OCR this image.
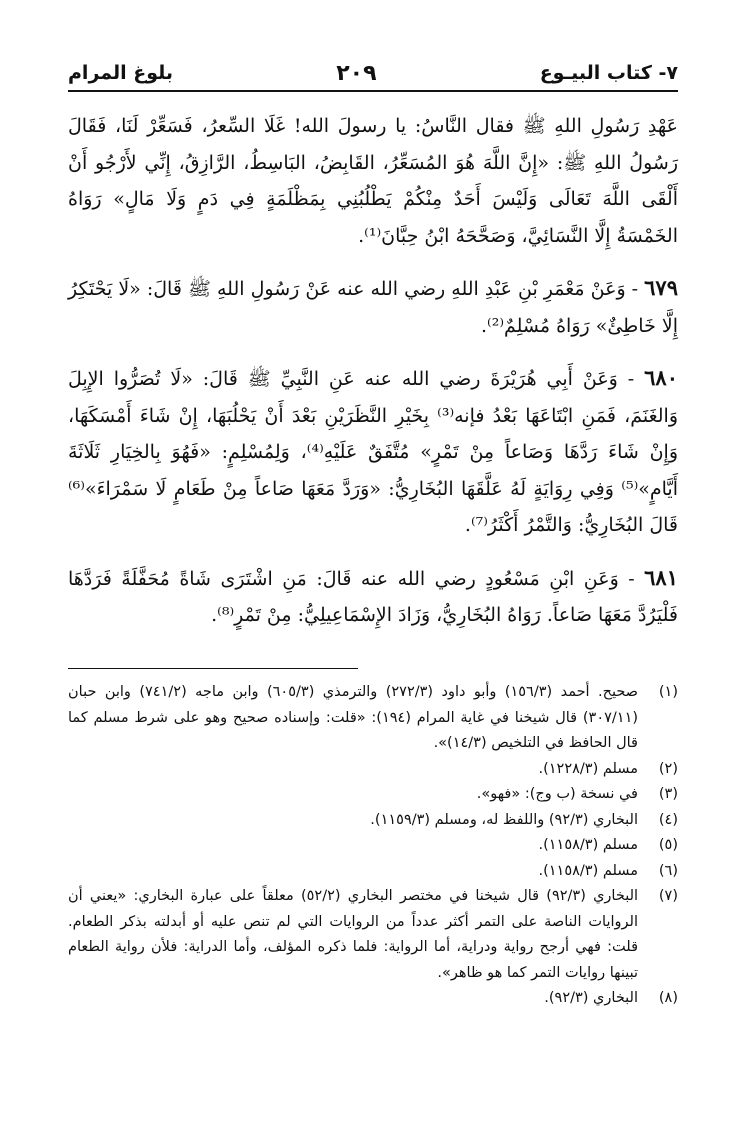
٧- كتاب البيـوع
٢٠٩
بلوغ المرام

عَهْدِ رَسُولِ اللهِ ﷺ فقال النَّاسُ: يا رسولَ الله! غَلَا السِّعرُ، فَسَعِّرْ لَنَا، فَقَالَ رَسُولُ اللهِ ﷺ: «إِنَّ اللَّهَ هُوَ المُسَعِّرُ، القَابِضُ، البَاسِطُ، الرَّازِقُ، إِنِّي لأَرْجُو أَنْ أَلْقَى اللَّهَ تَعَالَى وَلَيْسَ أَحَدٌ مِنْكُمْ يَطْلُبُنِي بِمَظْلَمَةٍ فِي دَمٍ وَلَا مَالٍ» رَوَاهُ الخَمْسَةُ إِلَّا النَّسَائِيَّ، وَصَحَّحَهُ ابْنُ حِبَّانَ⁽¹⁾.

٦٧٩ - وَعَنْ مَعْمَرِ بْنِ عَبْدِ اللهِ رضي الله عنه عَنْ رَسُولِ اللهِ ﷺ قَالَ: «لَا يَحْتَكِرُ إِلَّا خَاطِئٌ» رَوَاهُ مُسْلِمٌ⁽²⁾.

٦٨٠ - وَعَنْ أَبِي هُرَيْرَةَ رضي الله عنه عَنِ النَّبِيِّ ﷺ قَالَ: «لَا تُصَرُّوا الإِبِلَ وَالغَنَمَ، فَمَنِ ابْتَاعَهَا بَعْدُ فإنه⁽³⁾ بِخَيْرِ النَّظَرَيْنِ بَعْدَ أَنْ يَحْلُبَهَا، إِنْ شَاءَ أَمْسَكَهَا، وَإِنْ شَاءَ رَدَّهَا وَصَاعاً مِنْ تَمْرٍ» مُتَّفَقٌ عَلَيْهِ⁽⁴⁾، وَلِمُسْلِمٍ: «فَهُوَ بِالخِيَارِ ثَلَاثَةَ أَيَّامٍ»⁽⁵⁾ وَفِي رِوَايَةٍ لَهُ عَلَّقَهَا البُخَارِيُّ: «وَرَدَّ مَعَهَا صَاعاً مِنْ طَعَامٍ لَا سَمْرَاءَ»⁽⁶⁾ قَالَ البُخَارِيُّ: وَالتَّمْرُ أَكْثَرُ⁽⁷⁾.

٦٨١ - وَعَنِ ابْنِ مَسْعُودٍ رضي الله عنه قَالَ: مَنِ اشْتَرَى شَاةً مُحَفَّلَةً فَرَدَّهَا فَلْيَرُدَّ مَعَهَا صَاعاً. رَوَاهُ البُخَارِيُّ، وَزَادَ الإِسْمَاعِيلِيُّ: مِنْ تَمْرٍ⁽⁸⁾.

(١)
صحيح. أحمد (١٥٦/٣) وأبو داود (٢٧٢/٣) والترمذي (٦٠٥/٣) وابن ماجه (٧٤١/٢) وابن حبان (٣٠٧/١١) قال شيخنا في غاية المرام (١٩٤): «قلت: وإسناده صحيح وهو على شرط مسلم كما قال الحافظ في التلخيص (١٤/٣)».
(٢)
مسلم (١٢٢٨/٣).
(٣)
في نسخة (ب وج): «فهو».
(٤)
البخاري (٩٢/٣) واللفظ له، ومسلم (١١٥٩/٣).
(٥)
مسلم (١١٥٨/٣).
(٦)
مسلم (١١٥٨/٣).
(٧)
البخاري (٩٢/٣) قال شيخنا في مختصر البخاري (٥٢/٢) معلقاً على عبارة البخاري: «يعني أن الروايات الناصة على التمر أكثر عدداً من الروايات التي لم تنص عليه أو أبدلته بذكر الطعام. قلت: فهي أرجح رواية ودراية، أما الرواية: فلما ذكره المؤلف، وأما الدراية: فلأن رواية الطعام تبينها روايات التمر كما هو ظاهر».
(٨)
البخاري (٩٢/٣).
